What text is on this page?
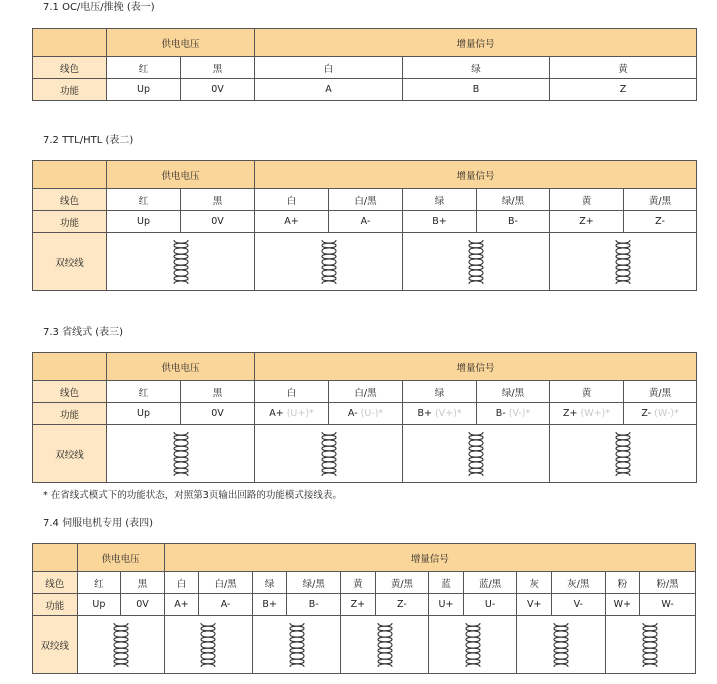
7.1 OC/电压/推挽 (表一)
	供电电压		增量信号		
线色	红	黑	白	绿	黄
功能	Up	0V	A	B	Z
7.2 TTL/HTL (表二)
	供电电压		增量信号					
线色	红	黑	白	白/黑	绿	绿/黑	黄	黄/黑
功能	Up	0V	A+	A-	B+	B-	Z+	Z-
双绞线	

7.3 省线式 (表三)
	供电电压		增量信号					
线色	红	黑	白	白/黑	绿	绿/黑	黄	黄/黑
功能	Up	0V	A+ (U+)*	A- (U-)*	B+ (V+)*	B- (V-)*	Z+ (W+)*	Z- (W-)*
双绞线	

* 在省线式模式下的功能状态，对照第3页输出回路的功能模式接线表。
7.4 伺服电机专用 (表四)
	供电电压		增量信号											
线色	红	黑	白	白/黑	绿	绿/黑	黄	黄/黑	蓝	蓝/黑	灰	灰/黑	粉	粉/黑
功能	Up	0V	A+	A-	B+	B-	Z+	Z-	U+	U-	V+	V-	W+	W-
双绞线	
